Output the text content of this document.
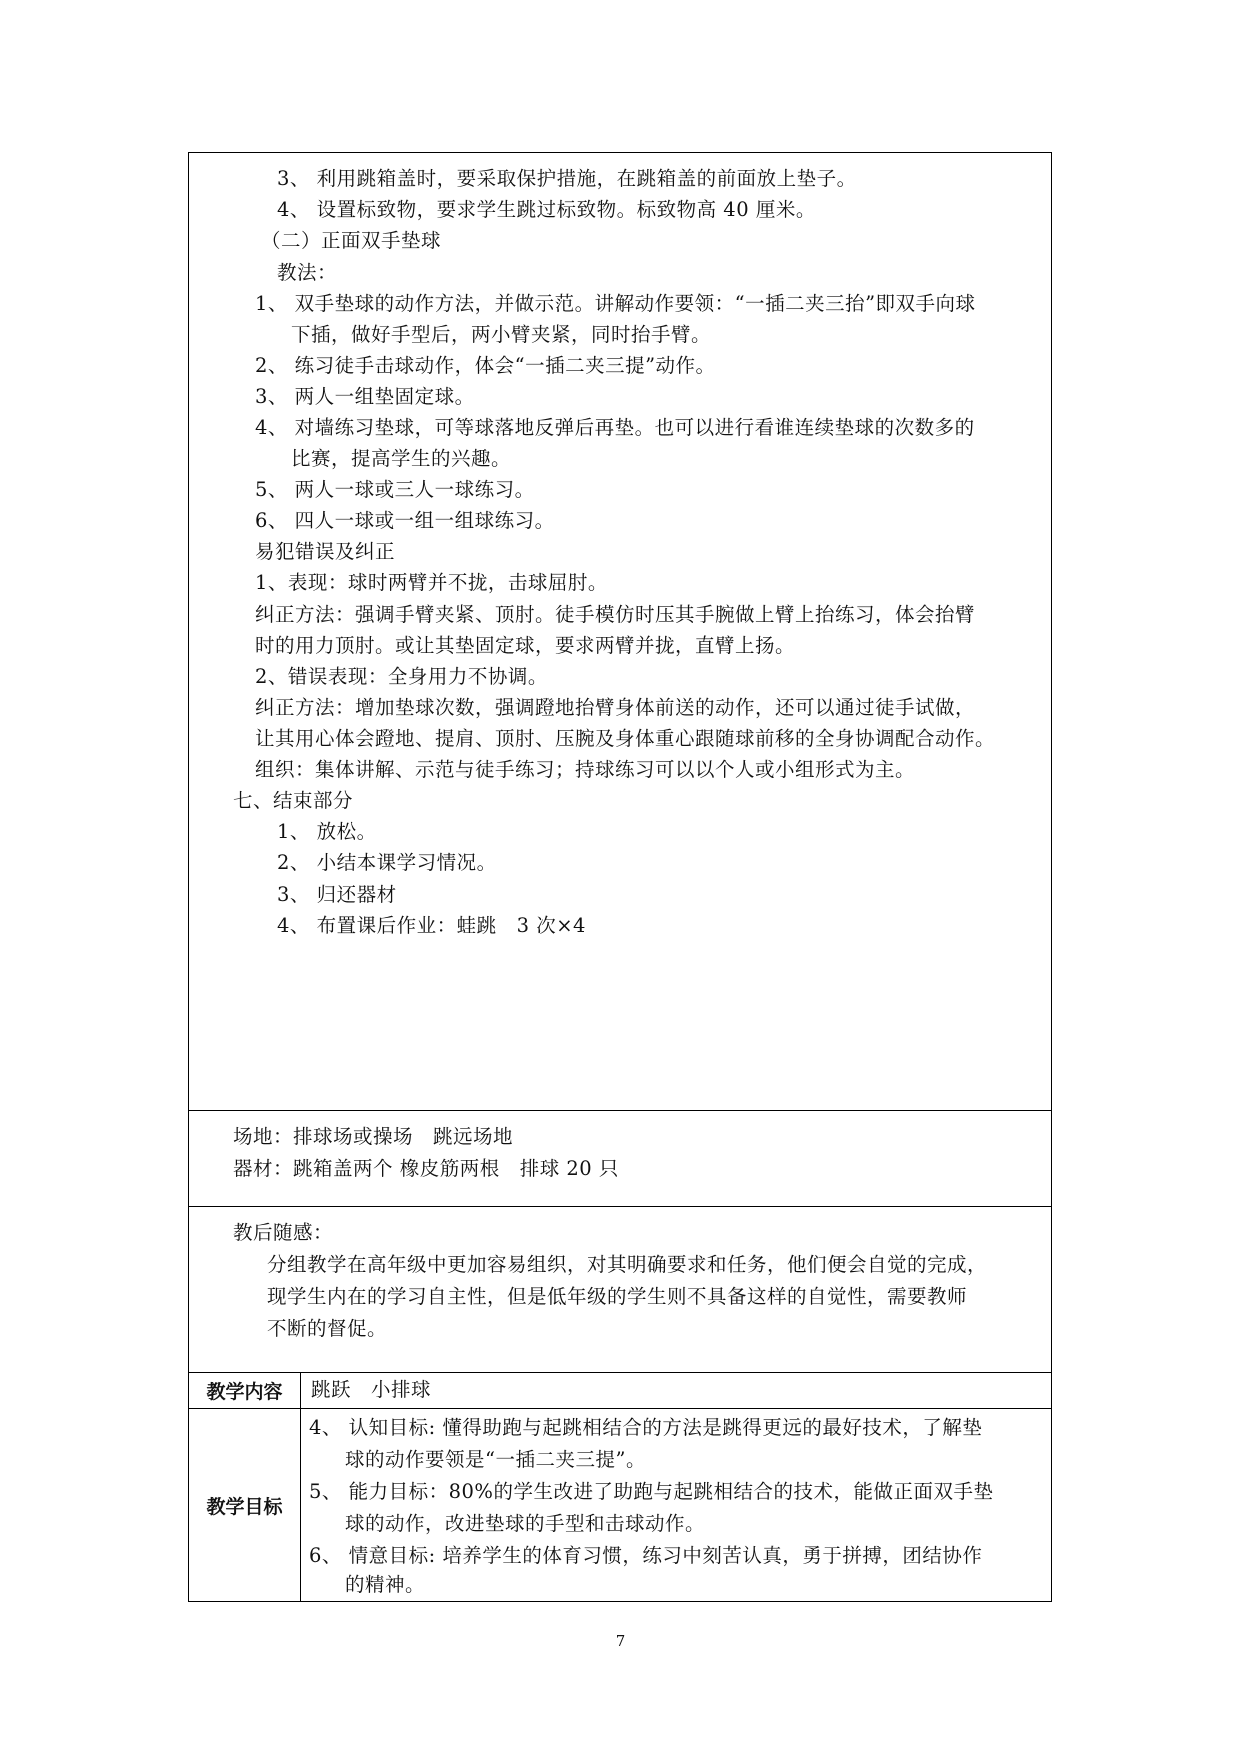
3、 利用跳箱盖时，要采取保护措施，在跳箱盖的前面放上垫子。
4、 设置标致物，要求学生跳过标致物。标致物高 40 厘米。
（二）正面双手垫球
教法：
1、 双手垫球的动作方法，并做示范。讲解动作要领：“一插二夹三抬”即双手向球
下插，做好手型后，两小臂夹紧，同时抬手臂。
2、 练习徒手击球动作，体会“一插二夹三提”动作。
3、 两人一组垫固定球。
4、 对墙练习垫球，可等球落地反弹后再垫。也可以进行看谁连续垫球的次数多的
比赛，提高学生的兴趣。
5、 两人一球或三人一球练习。
6、 四人一球或一组一组球练习。
易犯错误及纠正
1、表现：球时两臂并不拢，击球屈肘。
纠正方法：强调手臂夹紧、顶肘。徒手模仿时压其手腕做上臂上抬练习，体会抬臂
时的用力顶肘。或让其垫固定球，要求两臂并拢，直臂上扬。
2、错误表现：全身用力不协调。
纠正方法：增加垫球次数，强调蹬地抬臂身体前送的动作，还可以通过徒手试做，
让其用心体会蹬地、提肩、顶肘、压腕及身体重心跟随球前移的全身协调配合动作。
组织：集体讲解、示范与徒手练习；持球练习可以以个人或小组形式为主。
七、结束部分
1、 放松。
2、 小结本课学习情况。
3、 归还器材
4、 布置课后作业：蛙跳　3 次×4
场地：排球场或操场　跳远场地
器材：跳箱盖两个 橡皮筋两根　排球 20 只
教后随感：
分组教学在高年级中更加容易组织，对其明确要求和任务，他们便会自觉的完成，
现学生内在的学习自主性，但是低年级的学生则不具备这样的自觉性，需要教师
不断的督促。
教学内容	跳跃　小排球
教学目标
4、 认知目标: 懂得助跑与起跳相结合的方法是跳得更远的最好技术，了解垫
球的动作要领是“一插二夹三提”。
5、 能力目标：80%的学生改进了助跑与起跳相结合的技术，能做正面双手垫
球的动作，改进垫球的手型和击球动作。
6、 情意目标: 培养学生的体育习惯，练习中刻苦认真，勇于拼搏，团结协作
的精神。
7
